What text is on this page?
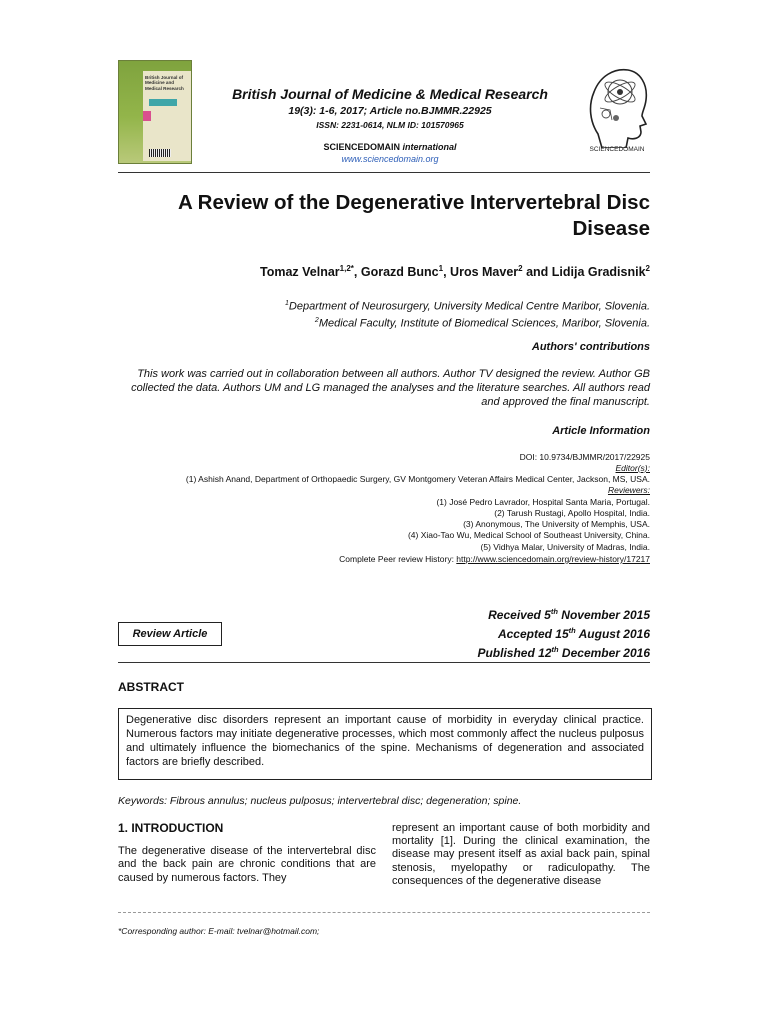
British Journal of Medicine and Medical Research	British Journal of Medicine & Medical Research
19(3): 1-6, 2017; Article no.BJMMR.22925
ISSN: 2231-0614, NLM ID: 101570965
SCIENCEDOMAIN international
www.sciencedomain.org
SCIENCEDOMAIN
A Review of the Degenerative Intervertebral Disc Disease
Tomaz Velnar$^{1,2*}$, Gorazd Bunc$^1$, Uros Maver$^2$ and Lidija Gradisnik$^2$
$^1$Department of Neurosurgery, University Medical Centre Maribor, Slovenia.
$^2$Medical Faculty, Institute of Biomedical Sciences, Maribor, Slovenia.
Authors' contributions
This work was carried out in collaboration between all authors. Author TV designed the review. Author GB collected the data. Authors UM and LG managed the analyses and the literature searches. All authors read and approved the final manuscript.
Article Information
DOI: 10.9734/BJMMR/2017/22925
Editor(s):
(1) Ashish Anand, Department of Orthopaedic Surgery, GV Montgomery Veteran Affairs Medical Center, Jackson, MS, USA.
Reviewers:
(1) José Pedro Lavrador, Hospital Santa Maria, Portugal.
(2) Tarush Rustagi, Apollo Hospital, India.
(3) Anonymous, The University of Memphis, USA.
(4) Xiao-Tao Wu, Medical School of Southeast University, China.
(5) Vidhya Malar, University of Madras, India.
Complete Peer review History: http://www.sciencedomain.org/review-history/17217
Received 5th November 2015
Accepted 15th August 2016
Published 12th December 2016
Review Article
ABSTRACT
Degenerative disc disorders represent an important cause of morbidity in everyday clinical practice. Numerous factors may initiate degenerative processes, which most commonly affect the nucleus pulposus and ultimately influence the biomechanics of the spine. Mechanisms of degeneration and associated factors are briefly described.
Keywords: Fibrous annulus; nucleus pulposus; intervertebral disc; degeneration; spine.
1. INTRODUCTION

The degenerative disease of the intervertebral disc and the back pain are chronic conditions that are caused by numerous factors. They

represent an important cause of both morbidity and mortality [1]. During the clinical examination, the disease may present itself as axial back pain, spinal stenosis, myelopathy or radiculopathy. The consequences of the degenerative disease

*Corresponding author: E-mail: tvelnar@hotmail.com;
